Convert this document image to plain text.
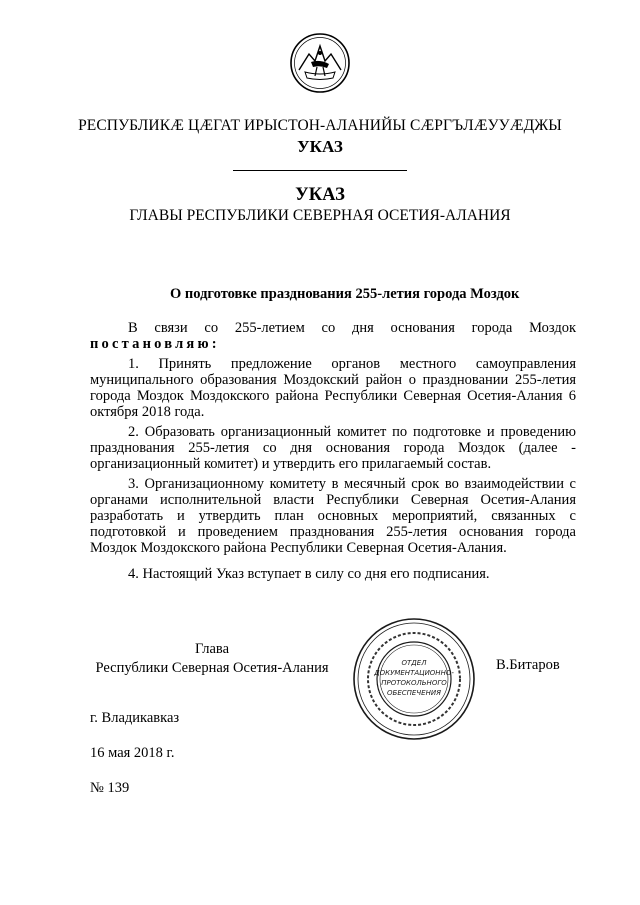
РЕСПУБЛИКӔ ЦӔГАТ ИРЫСТОН-АЛАНИЙЫ СӔРГЪЛӔУУӔДЖЫ
УКАЗ
УКАЗ
ГЛАВЫ РЕСПУБЛИКИ СЕВЕРНАЯ ОСЕТИЯ-АЛАНИЯ
О подготовке празднования 255-летия города Моздок

В связи со 255-летием со дня основания города Моздок постановляю:

1. Принять предложение органов местного самоуправления муниципального образования Моздокский район о праздновании 255-летия города Моздок Моздокского района Республики Северная Осетия-Алания 6 октября 2018 года.

2. Образовать организационный комитет по подготовке и проведению празднования 255-летия со дня основания города Моздок (далее - организационный комитет) и утвердить его прилагаемый состав.

3. Организационному комитету в месячный срок во взаимодействии с органами исполнительной власти Республики Северная Осетия-Алания разработать и утвердить план основных мероприятий, связанных с подготовкой и проведением празднования 255-летия основания города Моздок Моздокского района Республики Северная Осетия-Алания.

4. Настоящий Указ вступает в силу со дня его подписания.

Глава
Республики Северная Осетия-Алания	ОТДЕЛ
ДОКУМЕНТАЦИОННО-
ПРОТОКОЛЬНОГО
ОБЕСПЕЧЕНИЯ
В.Битаров
г. Владикавказ
16 мая 2018 г.
№ 139
